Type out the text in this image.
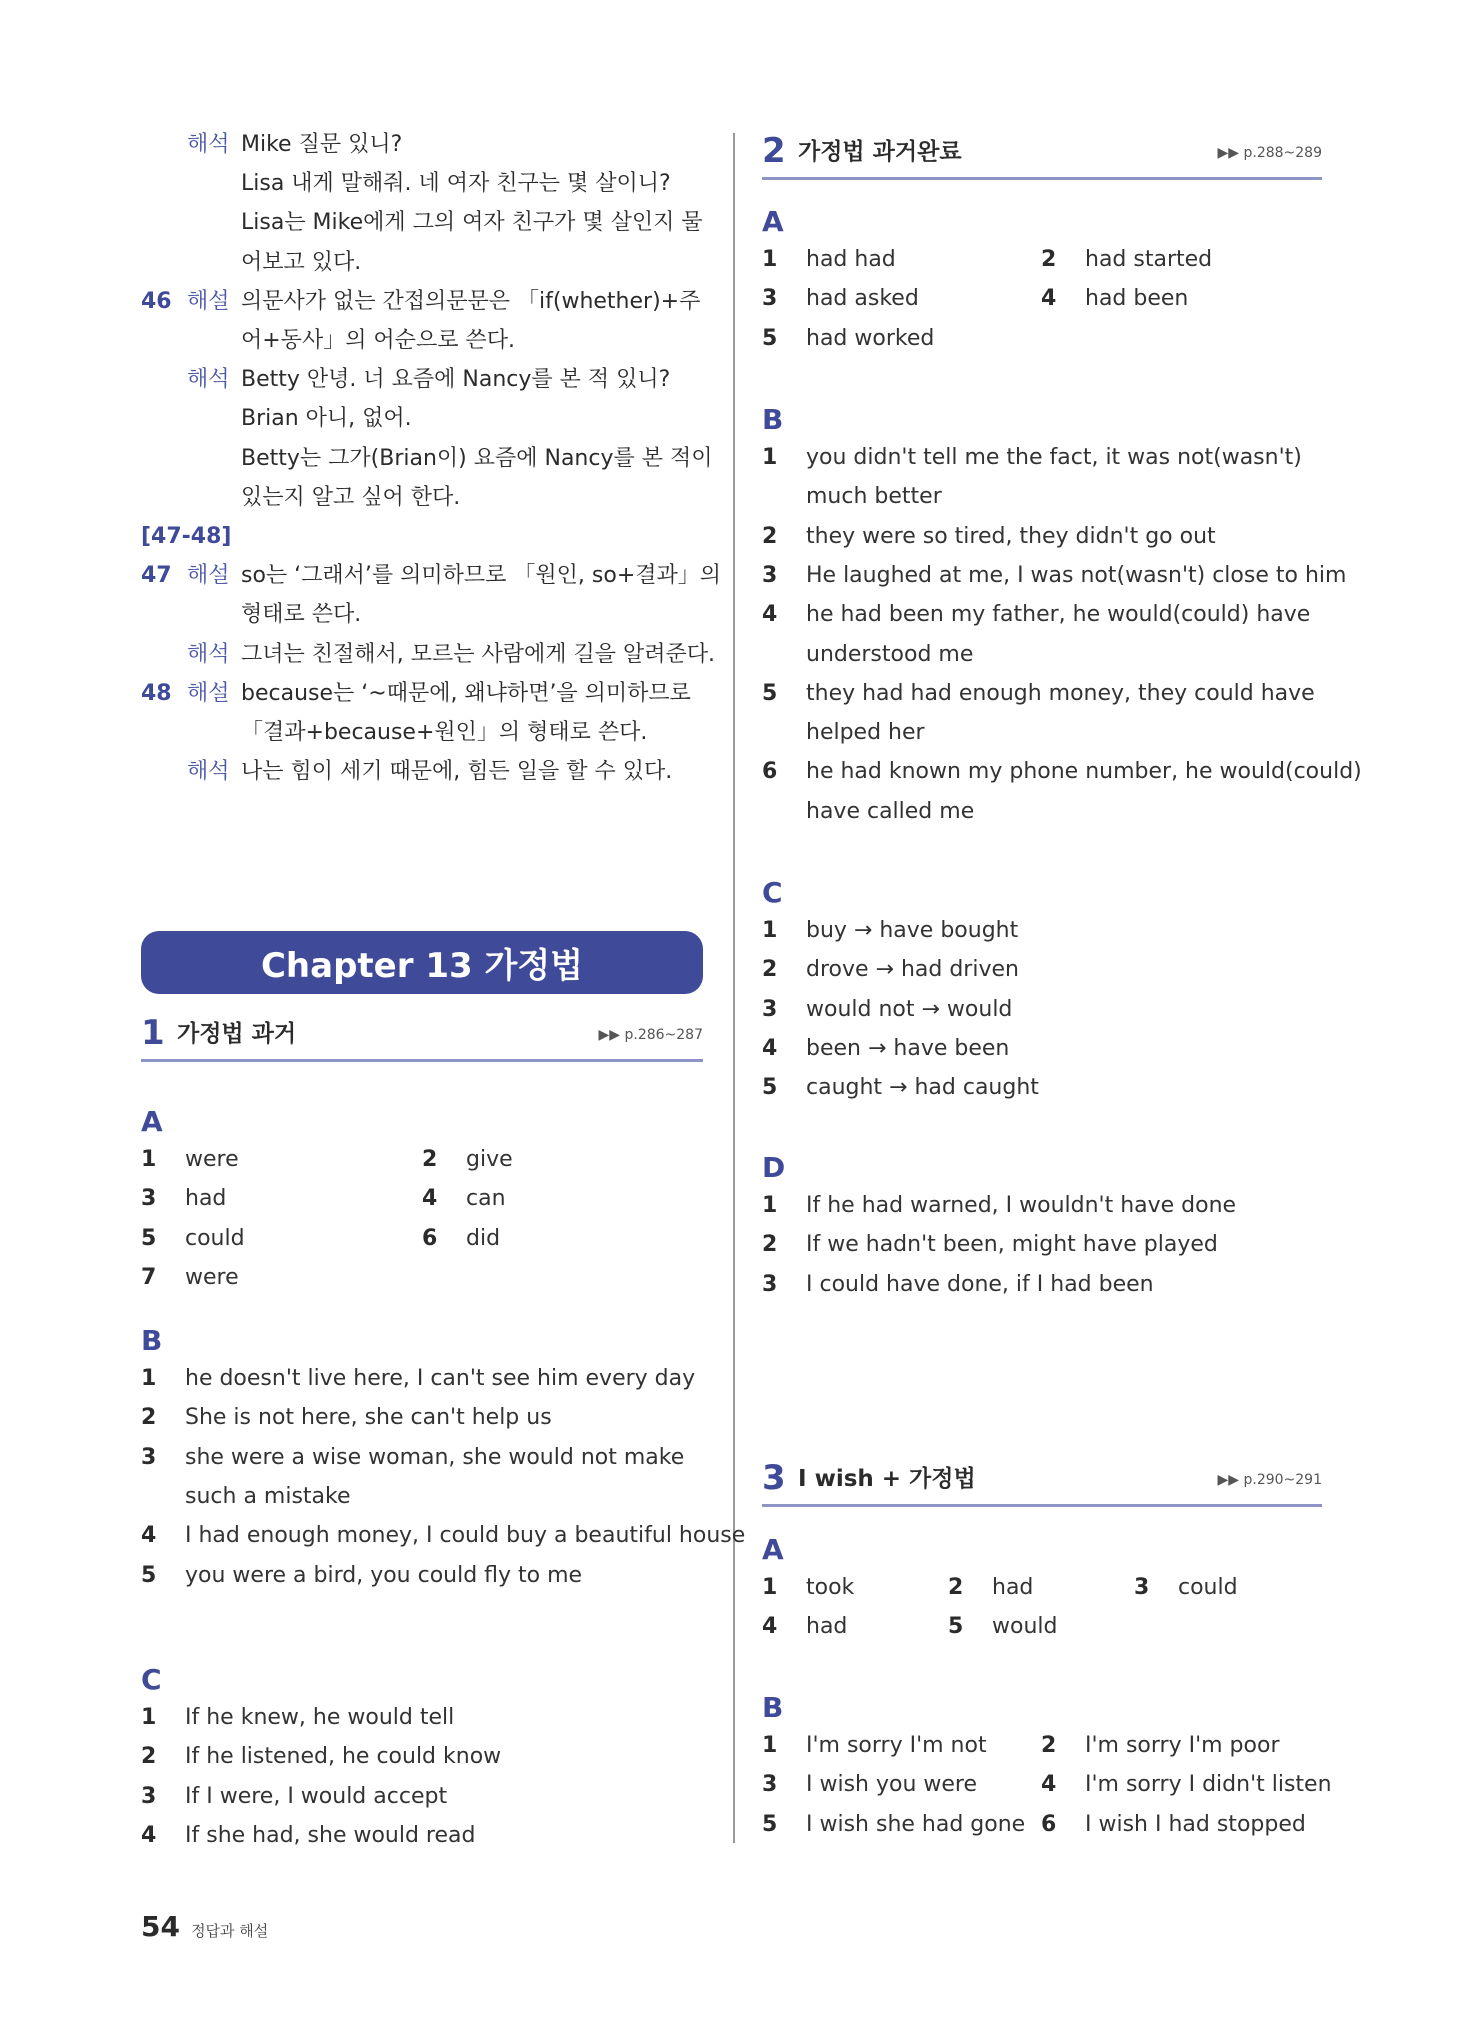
해석 Mike 질문 있니?
Lisa 내게 말해줘. 네 여자 친구는 몇 살이니?
Lisa는 Mike에게 그의 여자 친구가 몇 살인지 물
어보고 있다.
46 해설 의문사가 없는 간접의문문은 「if(whether)+주
어+동사」의 어순으로 쓴다.
해석 Betty 안녕. 너 요즘에 Nancy를 본 적 있니?
Brian 아니, 없어.
Betty는 그가(Brian이) 요즘에 Nancy를 본 적이
있는지 알고 싶어 한다.
[47-48]
47 해설 so는 ‘그래서’를 의미하므로 「원인, so+결과」의
형태로 쓴다.
해석 그녀는 친절해서, 모르는 사람에게 길을 알려준다.
48 해설 because는 ‘~때문에, 왜냐하면’을 의미하므로
「결과+because+원인」의 형태로 쓴다.
해석 나는 힘이 세기 때문에, 힘든 일을 할 수 있다.
Chapter 13 가정법
1 가정법 과거	▶▶ p.286~287
A
1 were	2 give
3 had	4 can
5 could	6 did
7 were
B
1 he doesn't live here, I can't see him every day
2 She is not here, she can't help us
3 she were a wise woman, she would not make
such a mistake
4 I had enough money, I could buy a beautiful house
5 you were a bird, you could fly to me
C
1 If he knew, he would tell
2 If he listened, he could know
3 If I were, I would accept
4 If she had, she would read
2 가정법 과거완료	▶▶ p.288~289
A
1 had had	2 had started
3 had asked	4 had been
5 had worked
B
1 you didn't tell me the fact, it was not(wasn't)
much better
2 they were so tired, they didn't go out
3 He laughed at me, I was not(wasn't) close to him
4 he had been my father, he would(could) have
understood me
5 they had had enough money, they could have
helped her
6 he had known my phone number, he would(could)
have called me
C
1 buy → have bought
2 drove → had driven
3 would not → would
4 been → have been
5 caught → had caught
D
1 If he had warned, I wouldn't have done
2 If we hadn't been, might have played
3 I could have done, if I had been
3 I wish + 가정법	▶▶ p.290~291
A
1 took	2 had	3 could
4 had	5 would
B
1 I'm sorry I'm not 2 I'm sorry I'm poor
3 I wish you were	4 I'm sorry I didn't listen
5 I wish she had gone 6 I wish I had stopped
54 정답과 해설
